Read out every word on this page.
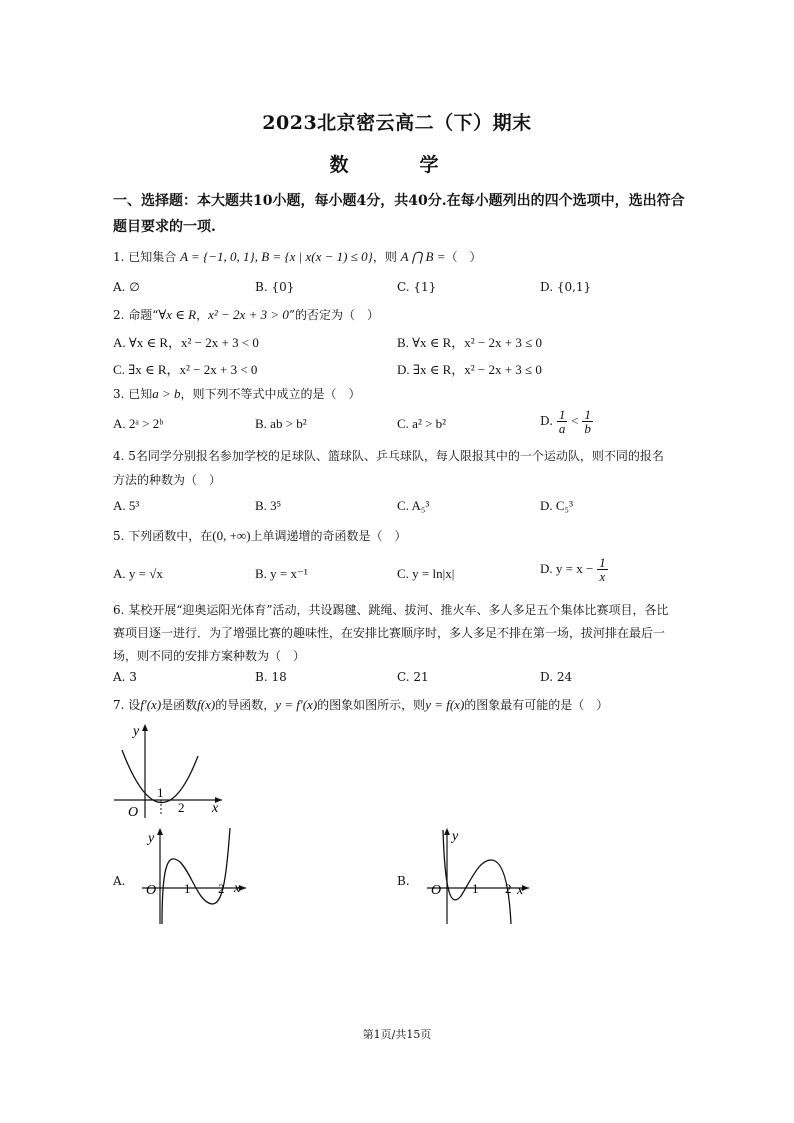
2023北京密云高二（下）期末
数　学
一、选择题：本大题共10小题，每小题4分，共40分.在每小题列出的四个选项中，选出符合题目要求的一项.
1. 已知集合 A = {−1, 0, 1}, B = {x | x(x − 1) ≤ 0}，则 A ⋂ B =（　）
A. ∅	B. {0}	C. {1}	D. {0,1}
2. 命题“∀x ∈ R，x² − 2x + 3 > 0”的否定为（　）
A. ∀x ∈ R，x² − 2x + 3 < 0	B. ∀x ∈ R，x² − 2x + 3 ≤ 0
C. ∃x ∈ R，x² − 2x + 3 < 0	D. ∃x ∈ R，x² − 2x + 3 ≤ 0
3. 已知a > b，则下列不等式中成立的是（　）
A. 2ᵃ > 2ᵇ	B. ab > b²	C. a² > b²	D. $\frac{1}{a} < \frac{1}{b}$
4. 5名同学分别报名参加学校的足球队、篮球队、乒乓球队，每人限报其中的一个运动队，则不同的报名
方法的种数为（　）
A. 5³	B. 3⁵	C. A₅³	D. C₅³
5. 下列函数中，在(0, +∞)上单调递增的奇函数是（　）
A. y = √x	B. y = x⁻¹	C. y = ln|x|	D. $y = x - \frac{1}{x}$
6. 某校开展“迎奥运阳光体育”活动，共设踢毽、跳绳、拔河、推火车、多人多足五个集体比赛项目，各比
赛项目逐一进行．为了增强比赛的趣味性，在安排比赛顺序时，多人多足不排在第一场，拔河排在最后一
场，则不同的安排方案种数为（　）
A. 3	B. 18	C. 21	D. 24
7. 设f′(x)是函数f(x)的导函数，y = f′(x)的图象如图所示，则y = f(x)的图象最有可能的是（　）
y
x
O
1
2
A.
y
x
O 1 2	B.
y
x
O 1 2
第1页/共15页
